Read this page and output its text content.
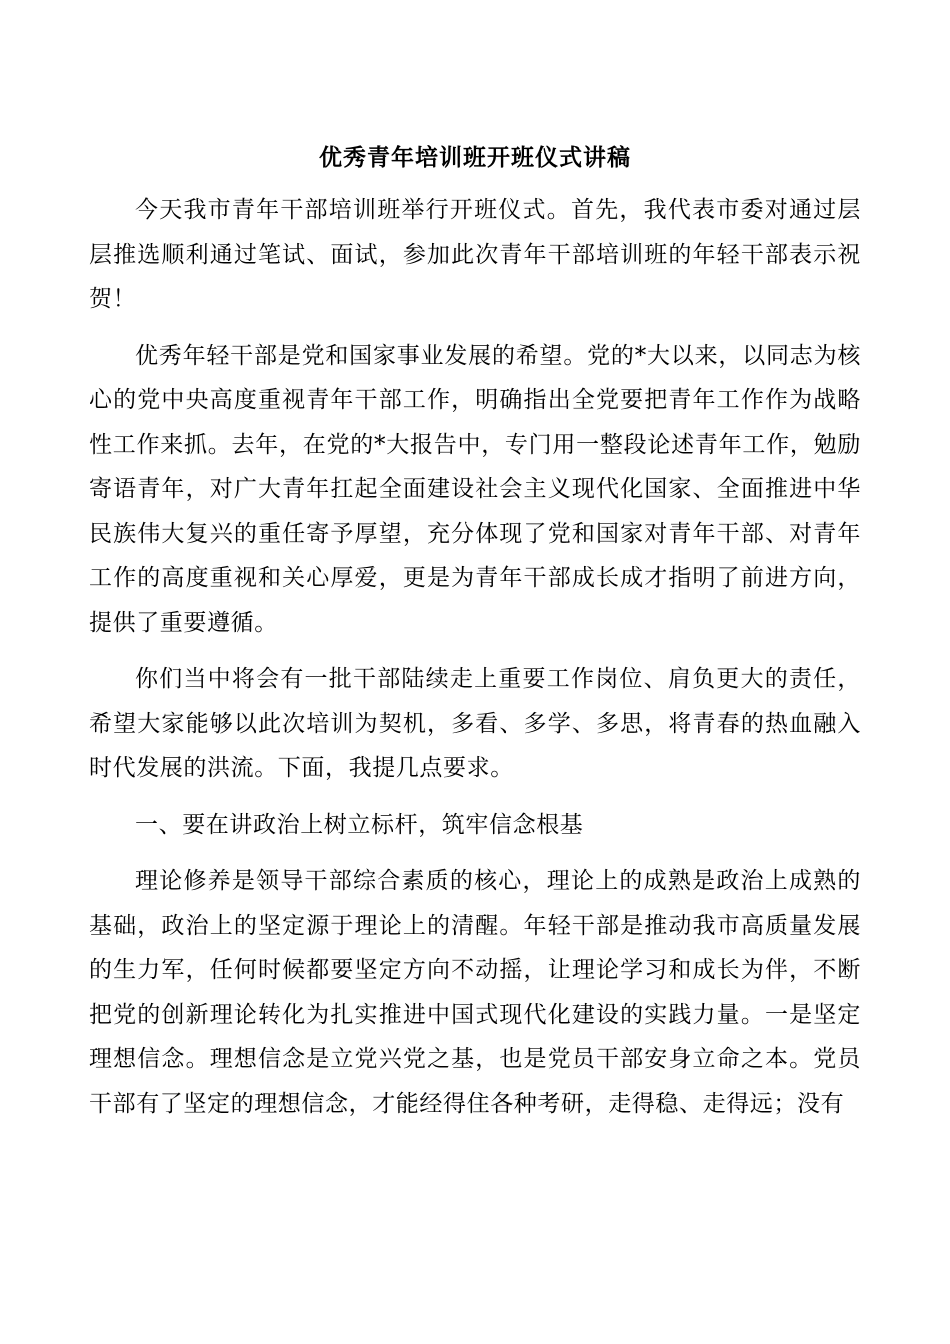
优秀青年培训班开班仪式讲稿

今天我市青年干部培训班举行开班仪式。首先，我代表市委对通过层层推选顺利通过笔试、面试，参加此次青年干部培训班的年轻干部表示祝贺！

优秀年轻干部是党和国家事业发展的希望。党的*大以来，以同志为核心的党中央高度重视青年干部工作，明确指出全党要把青年工作作为战略性工作来抓。去年，在党的*大报告中，专门用一整段论述青年工作，勉励寄语青年，对广大青年扛起全面建设社会主义现代化国家、全面推进中华民族伟大复兴的重任寄予厚望，充分体现了党和国家对青年干部、对青年工作的高度重视和关心厚爱，更是为青年干部成长成才指明了前进方向，提供了重要遵循。

你们当中将会有一批干部陆续走上重要工作岗位、肩负更大的责任，希望大家能够以此次培训为契机，多看、多学、多思，将青春的热血融入时代发展的洪流。下面，我提几点要求。

一、要在讲政治上树立标杆，筑牢信念根基

理论修养是领导干部综合素质的核心，理论上的成熟是政治上成熟的基础，政治上的坚定源于理论上的清醒。年轻干部是推动我市高质量发展的生力军，任何时候都要坚定方向不动摇，让理论学习和成长为伴，不断把党的创新理论转化为扎实推进中国式现代化建设的实践力量。一是坚定理想信念。理想信念是立党兴党之基，也是党员干部安身立命之本。党员干部有了坚定的理想信念，才能经得住各种考研，走得稳、走得远；没有
